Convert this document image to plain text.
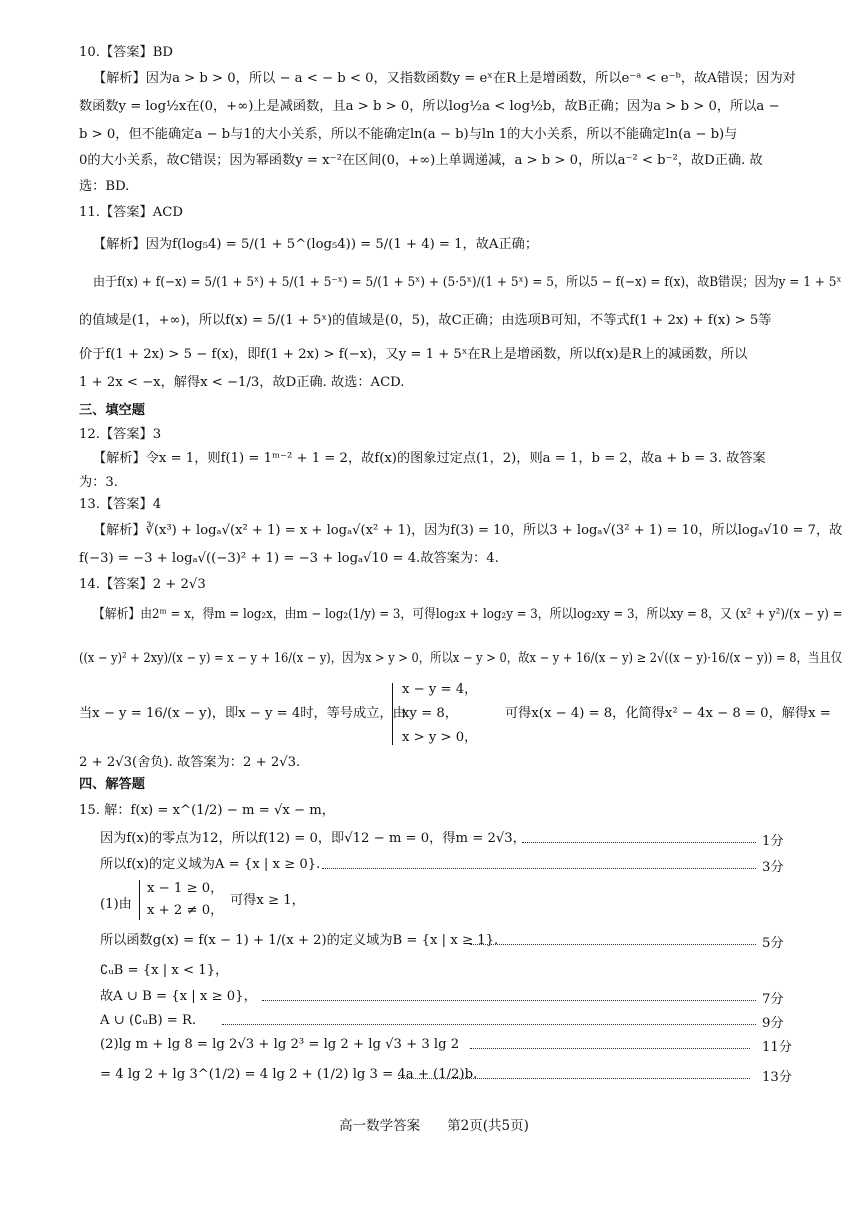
10.【答案】BD
【解析】因为a > b > 0，所以 − a < − b < 0，又指数函数y = eˣ在R上是增函数，所以e⁻ᵃ < e⁻ᵇ，故A错误；因为对
数函数y = log½x在(0，+∞)上是减函数，且a > b > 0，所以log½a < log½b，故B正确；因为a > b > 0，所以a −
b > 0，但不能确定a − b与1的大小关系，所以不能确定ln(a − b)与ln 1的大小关系，所以不能确定ln(a − b)与
0的大小关系，故C错误；因为幂函数y = x⁻²在区间(0，+∞)上单调递减，a > b > 0，所以a⁻² < b⁻²，故D正确. 故
选：BD.
11.【答案】ACD
【解析】因为f(log₅4) = 5/(1 + 5^(log₅4)) = 5/(1 + 4) = 1，故A正确；
由于f(x) + f(−x) = 5/(1 + 5ˣ) + 5/(1 + 5⁻ˣ) = 5/(1 + 5ˣ) + (5·5ˣ)/(1 + 5ˣ) = 5，所以5 − f(−x) = f(x)，故B错误；因为y = 1 + 5ˣ
的值域是(1，+∞)，所以f(x) = 5/(1 + 5ˣ)的值域是(0，5)，故C正确；由选项B可知，不等式f(1 + 2x) + f(x) > 5等
价于f(1 + 2x) > 5 − f(x)，即f(1 + 2x) > f(−x)，又y = 1 + 5ˣ在R上是增函数，所以f(x)是R上的减函数，所以
1 + 2x < −x，解得x < −1/3，故D正确. 故选：ACD.
三、填空题
12.【答案】3
【解析】令x = 1，则f(1) = 1ᵐ⁻² + 1 = 2，故f(x)的图象过定点(1，2)，则a = 1，b = 2，故a + b = 3. 故答案
为：3.
13.【答案】4
【解析】∛(x³) + logₐ√(x² + 1) = x + logₐ√(x² + 1)，因为f(3) = 10，所以3 + logₐ√(3² + 1) = 10，所以logₐ√10 = 7，故
f(−3) = −3 + logₐ√((−3)² + 1) = −3 + logₐ√10 = 4.故答案为：4.
14.【答案】2 + 2√3
【解析】由2ᵐ = x，得m = log₂x，由m − log₂(1/y) = 3，可得log₂x + log₂y = 3，所以log₂xy = 3，所以xy = 8，又 (x² + y²)/(x − y) =
((x − y)² + 2xy)/(x − y) = x − y + 16/(x − y)，因为x > y > 0，所以x − y > 0，故x − y + 16/(x − y) ≥ 2√((x − y)·16/(x − y)) = 8，当且仅
当x − y = 16/(x − y)，即x − y = 4时，等号成立，由
x − y = 4，
xy = 8，
x > y > 0，
可得x(x − 4) = 8，化简得x² − 4x − 8 = 0，解得x =
2 + 2√3(舍负). 故答案为：2 + 2√3.
四、解答题
15. 解：f(x) = x^(1/2) − m = √x − m，
因为f(x)的零点为12，所以f(12) = 0，即√12 − m = 0，得m = 2√3，	1分
所以f(x)的定义域为A = {x | x ≥ 0}.	3分
(1)由
x − 1 ≥ 0，
x + 2 ≠ 0，
可得x ≥ 1，
所以函数g(x) = f(x − 1) + 1/(x + 2)的定义域为B = {x | x ≥ 1}.	5分
∁ᵤB = {x | x < 1}，
故A ∪ B = {x | x ≥ 0}，	7分
A ∪ (∁ᵤB) = R.	9分
(2)lg m + lg 8 = lg 2√3 + lg 2³ = lg 2 + lg √3 + 3 lg 2	11分
= 4 lg 2 + lg 3^(1/2) = 4 lg 2 + (1/2) lg 3 = 4a + (1/2)b.	13分
高一数学答案　　第2页(共5页)
